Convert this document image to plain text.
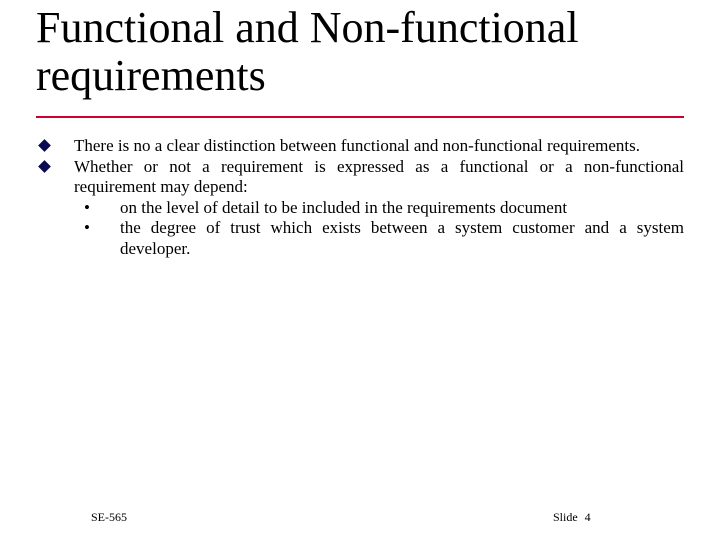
Functional and Non-functional requirements
There is no a clear distinction between functional and non-functional requirements.
Whether or not a requirement is expressed as a functional or a non-functional requirement may depend:
• on the level of detail to be included in the requirements document
• the degree of trust which exists between a system customer and a system developer.
SE-565	Slide 4
